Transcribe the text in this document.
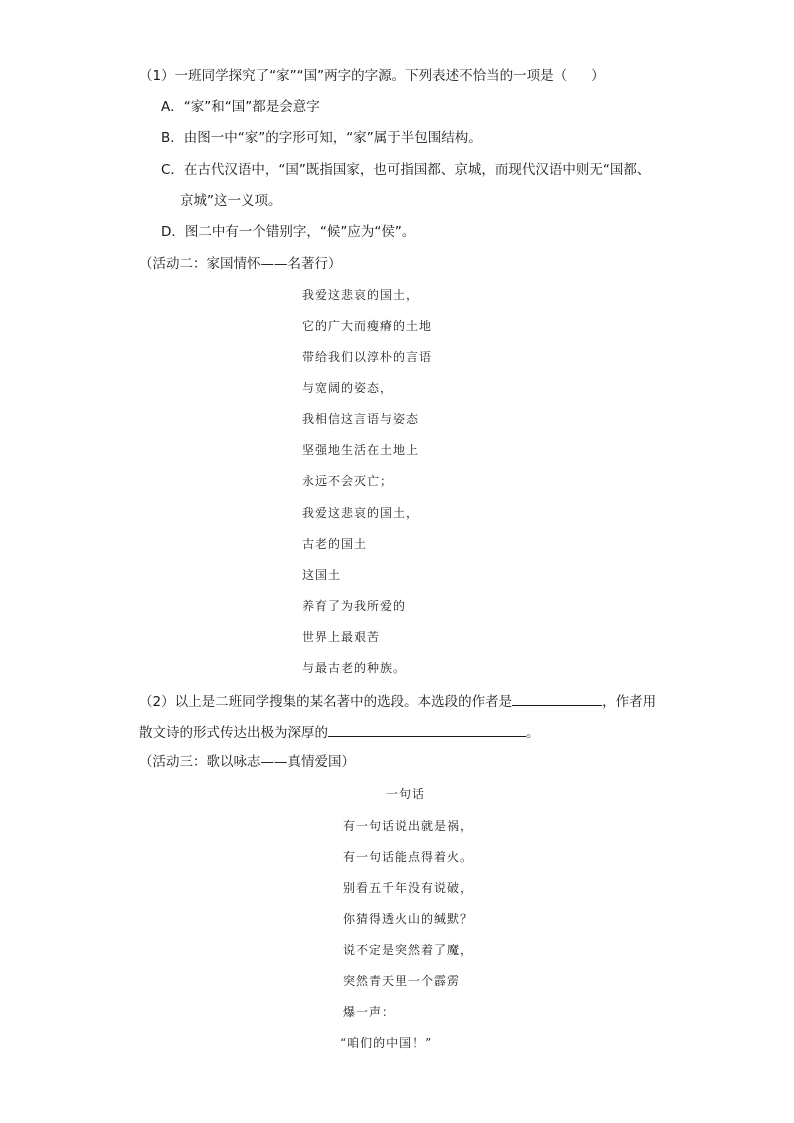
（1）一班同学探究了“家”“国”两字的字源。下列表述不恰当的一项是（ ）
A．“家”和“国”都是会意字
B．由图一中“家”的字形可知，“家”属于半包围结构。
C．在古代汉语中，“国”既指国家，也可指国都、京城，而现代汉语中则无“国都、
京城”这一义项。
D．图二中有一个错别字，“候”应为“侯”。
（活动二：家国情怀——名著行）
我爱这悲哀的国土，
它的广大而瘦瘠的土地
带给我们以淳朴的言语
与宽阔的姿态，
我相信这言语与姿态
坚强地生活在土地上
永远不会灭亡；
我爱这悲哀的国土，
古老的国土
这国土
养育了为我所爱的
世界上最艰苦
与最古老的种族。
（2）以上是二班同学搜集的某名著中的选段。本选段的作者是	，作者用
散文诗的形式传达出极为深厚的	。
（活动三：歌以咏志——真情爱国）
一句话
有一句话说出就是祸，
有一句话能点得着火。
别看五千年没有说破，
你猜得透火山的缄默？
说不定是突然着了魔，
突然青天里一个霹雳
爆一声：
“咱们的中国！”
